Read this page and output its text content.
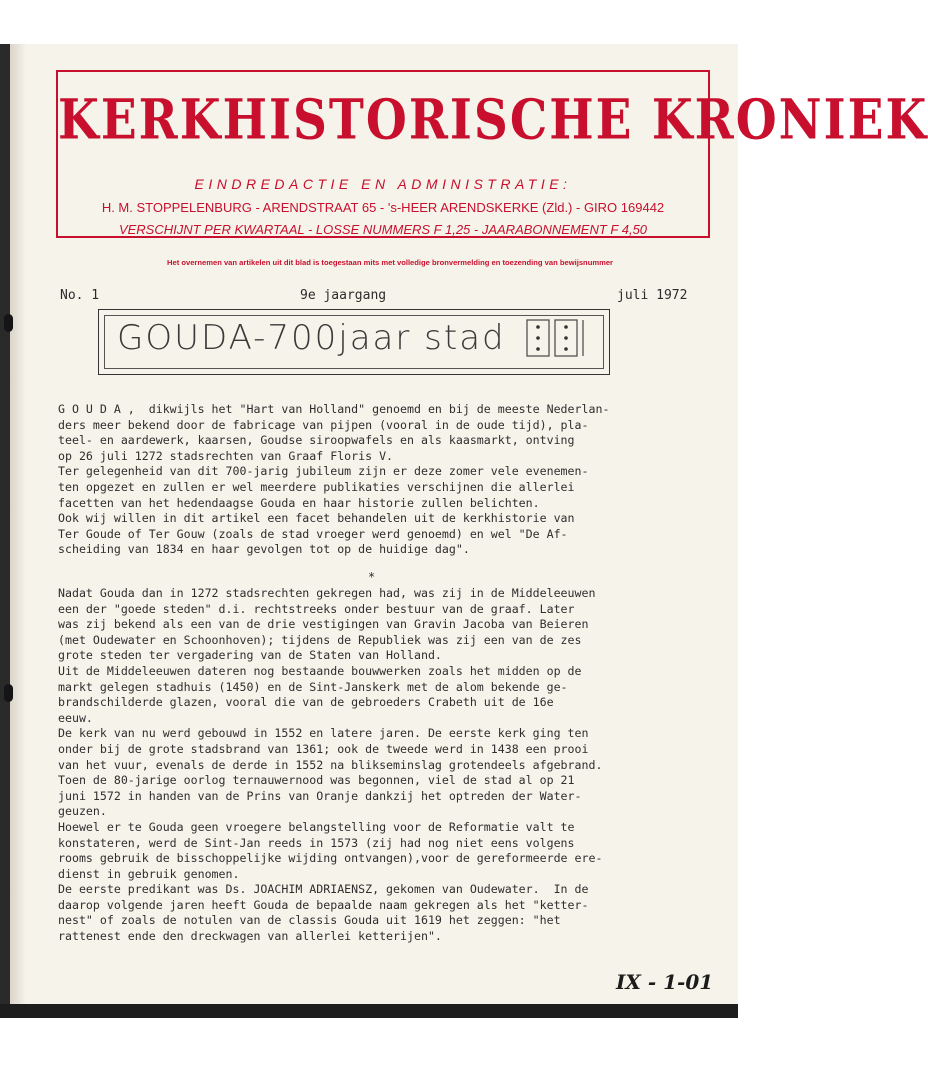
KERKHISTORISCHE KRONIEK
EINDREDACTIE EN ADMINISTRATIE:
H. M. STOPPELENBURG - ARENDSTRAAT 65 - 's-HEER ARENDSKERKE (Zld.) - GIRO 169442
VERSCHIJNT PER KWARTAAL - LOSSE NUMMERS F 1,25 - JAARABONNEMENT F 4,50
Het overnemen van artikelen uit dit blad is toegestaan mits met volledige bronvermelding en toezending van bewijsnummer
No. 1	9e jaargang	juli 1972
GOUDA-700jaar stad
G O U D A ,  dikwijls het "Hart van Holland" genoemd en bij de meeste Nederlan-
ders meer bekend door de fabricage van pijpen (vooral in de oude tijd), pla-
teel- en aardewerk, kaarsen, Goudse siroopwafels en als kaasmarkt, ontving
op 26 juli 1272 stadsrechten van Graaf Floris V.
Ter gelegenheid van dit 700-jarig jubileum zijn er deze zomer vele evenemen-
ten opgezet en zullen er wel meerdere publikaties verschijnen die allerlei
facetten van het hedendaagse Gouda en haar historie zullen belichten.
Ook wij willen in dit artikel een facet behandelen uit de kerkhistorie van
Ter Goude of Ter Gouw (zoals de stad vroeger werd genoemd) en wel "De Af-
scheiding van 1834 en haar gevolgen tot op de huidige dag".
*
Nadat Gouda dan in 1272 stadsrechten gekregen had, was zij in de Middeleeuwen
een der "goede steden" d.i. rechtstreeks onder bestuur van de graaf. Later
was zij bekend als een van de drie vestigingen van Gravin Jacoba van Beieren
(met Oudewater en Schoonhoven); tijdens de Republiek was zij een van de zes
grote steden ter vergadering van de Staten van Holland.
Uit de Middeleeuwen dateren nog bestaande bouwwerken zoals het midden op de
markt gelegen stadhuis (1450) en de Sint-Janskerk met de alom bekende ge-
brandschilderde glazen, vooral die van de gebroeders Crabeth uit de 16e
eeuw.
De kerk van nu werd gebouwd in 1552 en latere jaren. De eerste kerk ging ten
onder bij de grote stadsbrand van 1361; ook de tweede werd in 1438 een prooi
van het vuur, evenals de derde in 1552 na blikseminslag grotendeels afgebrand.
Toen de 80-jarige oorlog ternauwernood was begonnen, viel de stad al op 21
juni 1572 in handen van de Prins van Oranje dankzij het optreden der Water-
geuzen.
Hoewel er te Gouda geen vroegere belangstelling voor de Reformatie valt te
konstateren, werd de Sint-Jan reeds in 1573 (zij had nog niet eens volgens
rooms gebruik de bisschoppelijke wijding ontvangen),voor de gereformeerde ere-
dienst in gebruik genomen.
De eerste predikant was Ds. JOACHIM ADRIAENSZ, gekomen van Oudewater.  In de
daarop volgende jaren heeft Gouda de bepaalde naam gekregen als het "ketter-
nest" of zoals de notulen van de classis Gouda uit 1619 het zeggen: "het
rattenest ende den dreckwagen van allerlei ketterijen".
IX - 1-01
